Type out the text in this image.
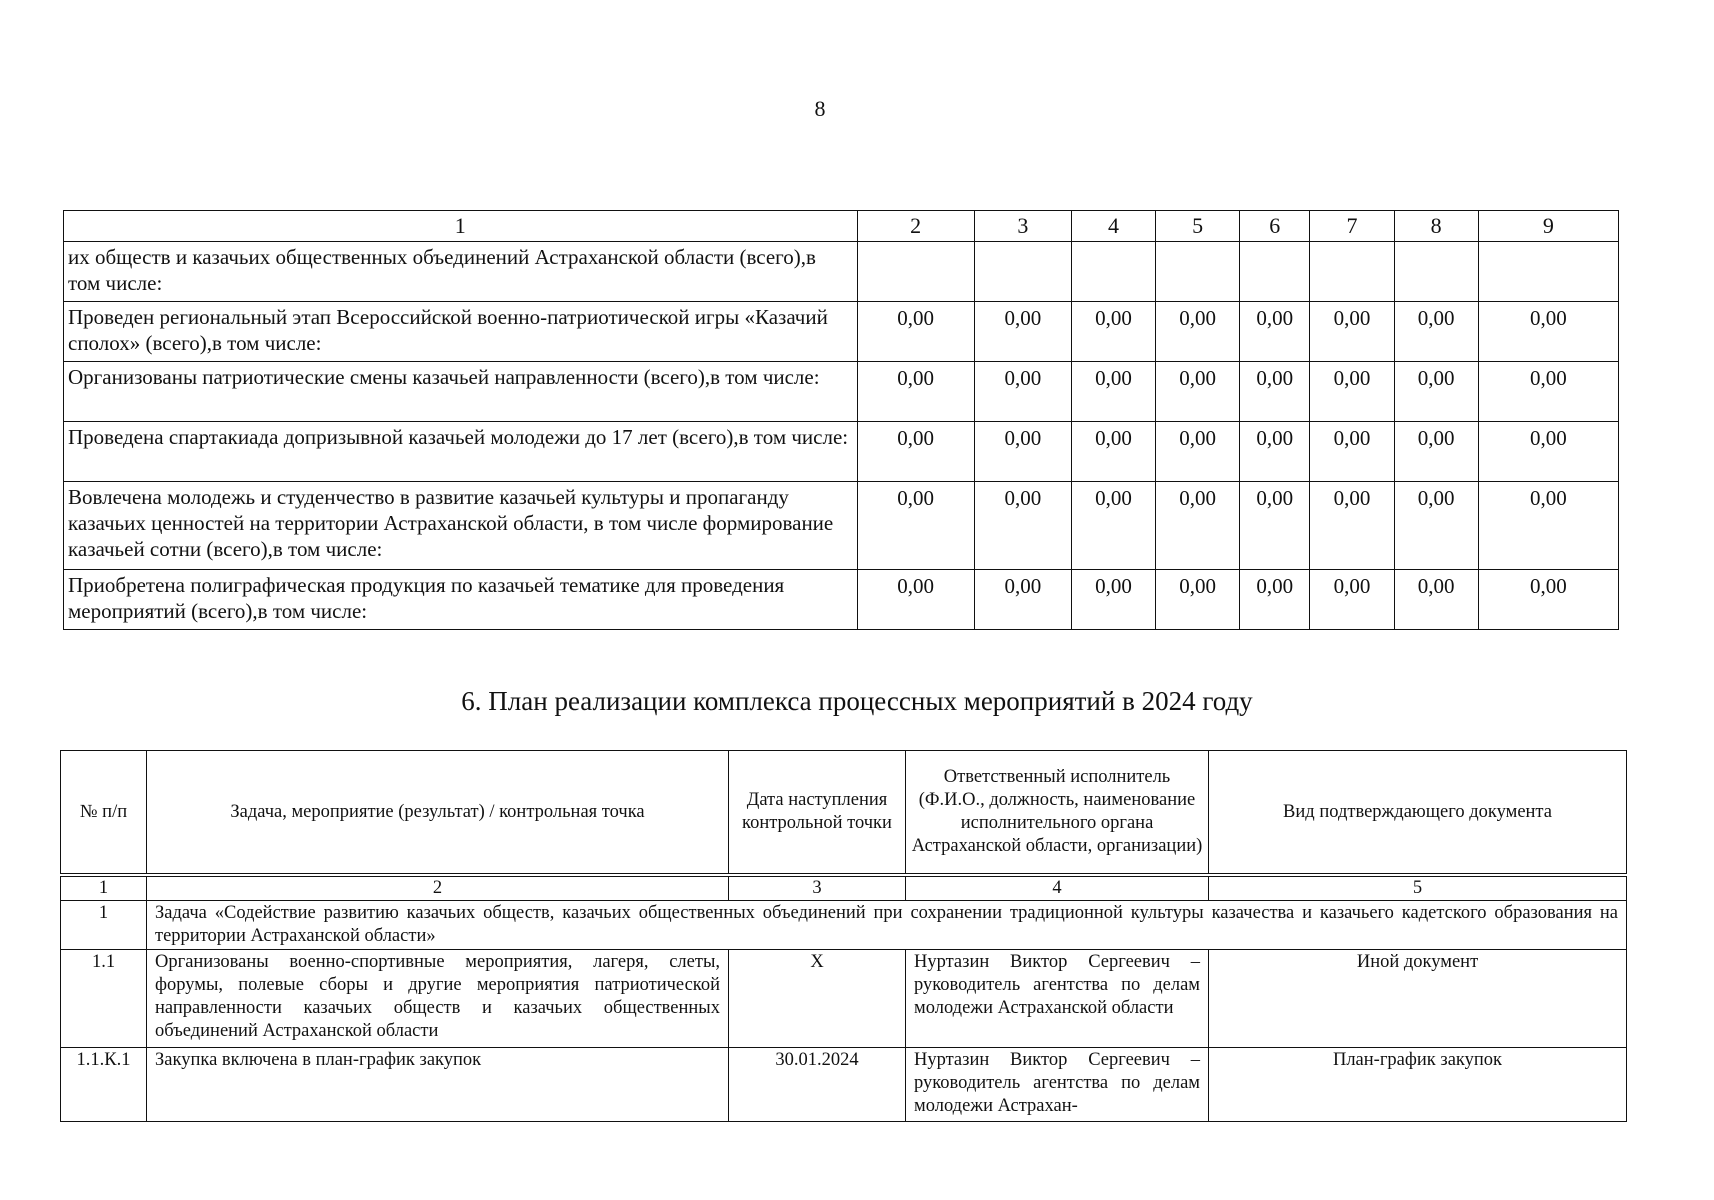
8
1	2	3	4	5	6	7	8	9
их обществ и казачьих общественных объединений Астраханской области (всего),в том числе:								
Проведен региональный этап Всероссийской военно-патриотической игры «Казачий сполох» (всего),в том числе:	0,00	0,00	0,00	0,00	0,00	0,00	0,00	0,00
Организованы патриотические смены казачьей направленности (всего),в том числе:	0,00	0,00	0,00	0,00	0,00	0,00	0,00	0,00
Проведена спартакиада допризывной казачьей молодежи до 17 лет (всего),в том числе:	0,00	0,00	0,00	0,00	0,00	0,00	0,00	0,00
Вовлечена молодежь и студенчество в развитие казачьей культуры и пропаганду казачьих ценностей на территории Астраханской области, в том числе формирование казачьей сотни (всего),в том числе:	0,00	0,00	0,00	0,00	0,00	0,00	0,00	0,00
Приобретена полиграфическая продукция по казачьей тематике для проведения мероприятий (всего),в том числе:	0,00	0,00	0,00	0,00	0,00	0,00	0,00	0,00
6. План реализации комплекса процессных мероприятий в 2024 году
№ п/п	Задача, мероприятие (результат) / контрольная точка	Дата наступления контрольной точки	Ответственный исполнитель (Ф.И.О., должность, наименование исполнительного органа Астраханской области, организации)	Вид подтверждающего документа
1	2	3	4	5
1	Задача «Содействие развитию казачьих обществ, казачьих общественных объединений при сохранении традиционной культуры казачества и казачьего кадетского образования на территории Астраханской области»			
1.1	Организованы военно-спортивные мероприятия, лагеря, слеты, форумы, полевые сборы и другие мероприятия патриотической направленности казачьих обществ и казачьих общественных объединений Астраханской области	X	Нуртазин Виктор Сергеевич – руководитель агентства по делам молодежи Астраханской области	Иной документ
1.1.К.1	Закупка включена в план-график закупок	30.01.2024	Нуртазин Виктор Сергеевич – руководитель агентства по делам молодежи Астрахан-	План-график закупок
